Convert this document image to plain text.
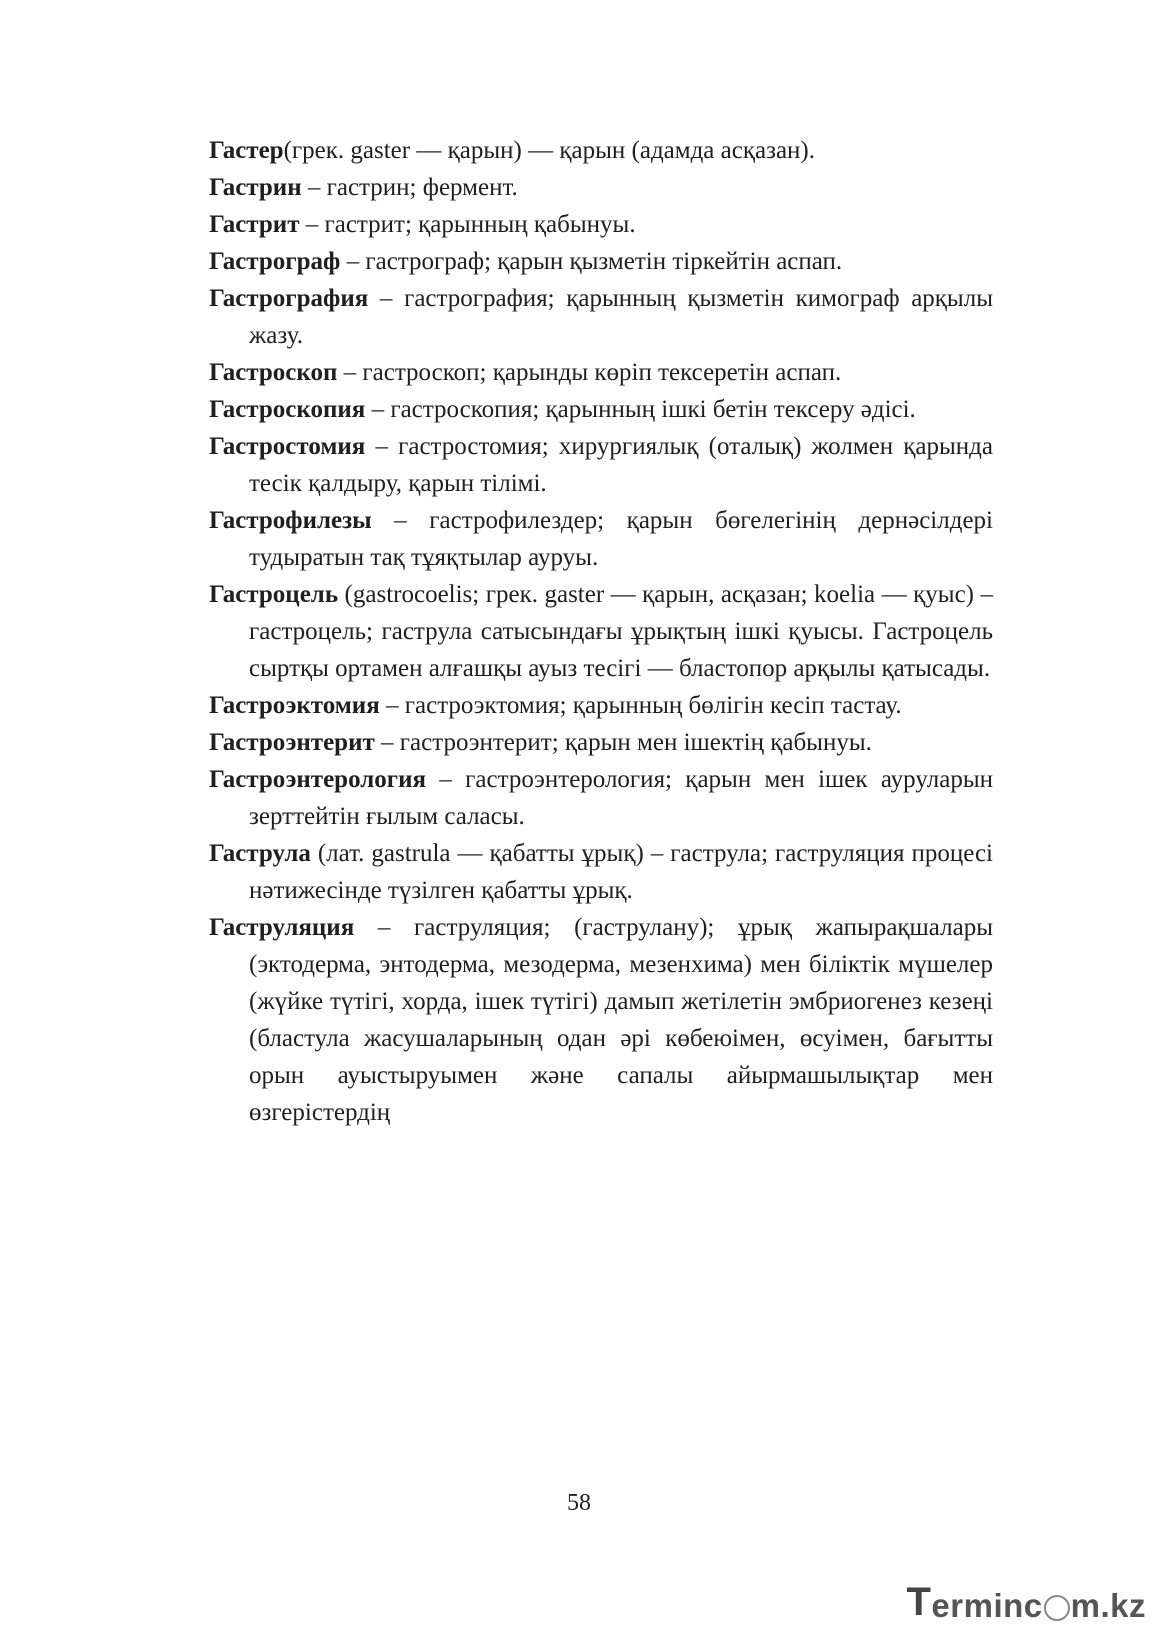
Гастер(грек. gaster — қарын) — қарын (адамда асқазан).

Гастрин – гастрин; фермент.

Гастрит – гастрит; қарынның қабынуы.

Гастрограф – гастрограф; қарын қызметін тіркейтін аспап.

Гастрография – гастрография; қарынның қызметін кимограф арқылы жазу.

Гастроскоп – гастроскоп; қарынды көріп тексеретін аспап.

Гастроскопия – гастроскопия; қарынның ішкі бетін тексеру әдісі.

Гастростомия – гастростомия; хирургиялық (оталық) жолмен қарында тесік қалдыру, қарын тілімі.

Гастрофилезы – гастрофилездер; қарын бөгелегінің дернәсілдері тудыратын тақ тұяқтылар ауруы.

Гастроцель (gastrocoelis; грек. gaster — қарын, асқазан; koelia — қуыс) – гастроцель; гаструла сатысындағы ұрықтың ішкі қуысы. Гастроцель сыртқы ортамен алғашқы ауыз тесігі — бластопор арқылы қатысады.

Гастроэктомия – гастроэктомия; қарынның бөлігін кесіп тастау.

Гастроэнтерит – гастроэнтерит; қарын мен ішектің қабынуы.

Гастроэнтерология – гастроэнтерология; қарын мен ішек ауруларын зерттейтін ғылым саласы.

Гаструла (лат. gastrula — қабатты ұрық) – гаструла; гаструляция процесі нәтижесінде түзілген қабатты ұрық.

Гаструляция – гаструляция; (гаструлану); ұрық жапырақшалары (эктодерма, энтодерма, мезодерма, мезенхима) мен біліктік мүшелер (жүйке түтігі, хорда, ішек түтігі) дамып жетілетін эмбриогенез кезеңі (бластула жасушаларының одан әрі көбеюімен, өсуімен, бағытты орын ауыстыруымен және сапалы айырмашылықтар мен өзгерістердің

58
T erminc m.kz
